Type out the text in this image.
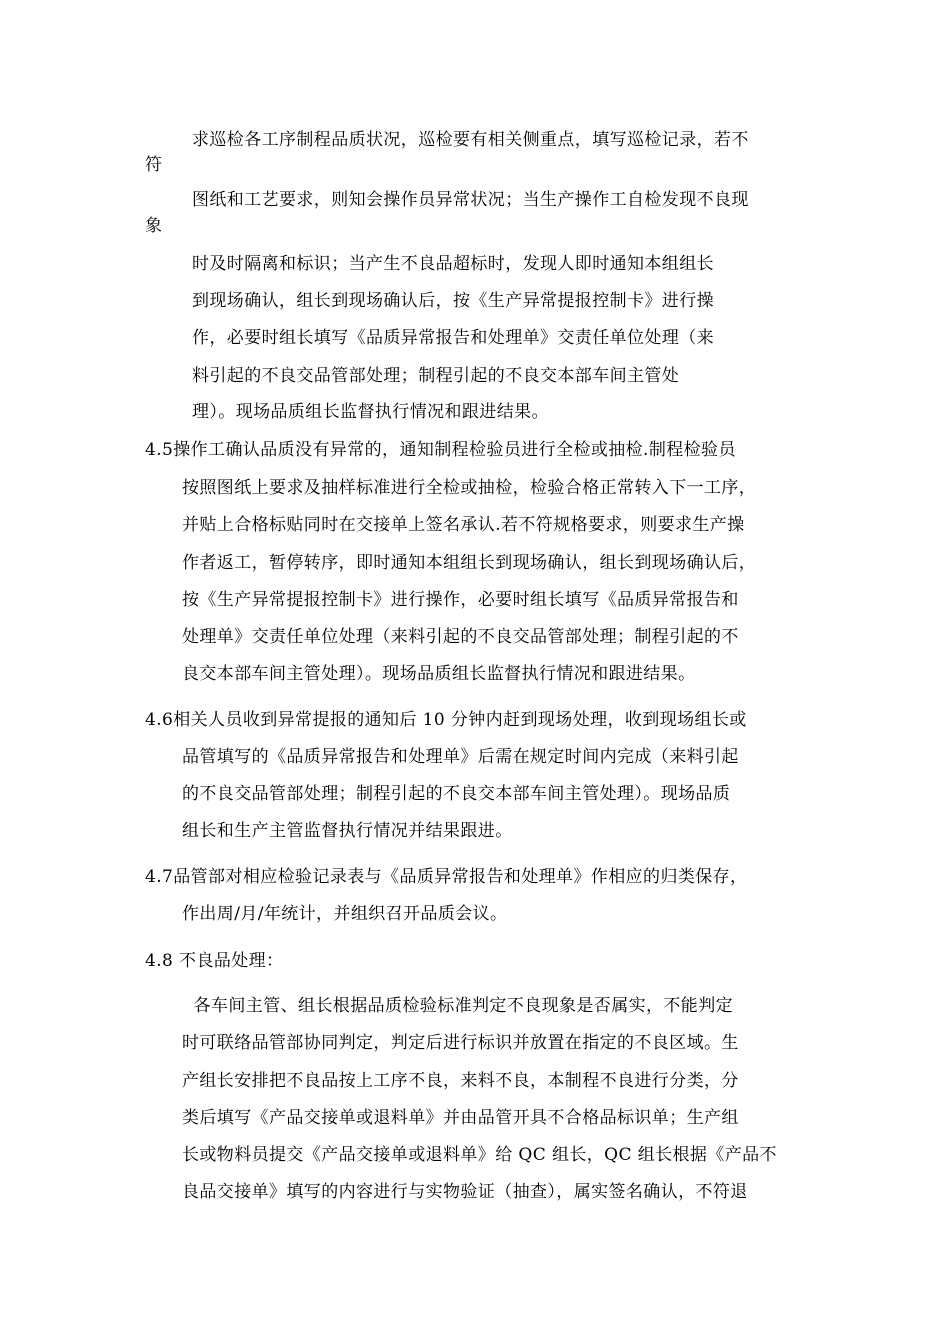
求巡检各工序制程品质状况，巡检要有相关侧重点，填写巡检记录，若不

符

图纸和工艺要求，则知会操作员异常状况；当生产操作工自检发现不良现

象

时及时隔离和标识；当产生不良品超标时，发现人即时通知本组组长

到现场确认，组长到现场确认后，按《生产异常提报控制卡》进行操

作，必要时组长填写《品质异常报告和处理单》交责任单位处理（来

料引起的不良交品管部处理；制程引起的不良交本部车间主管处

理）。现场品质组长监督执行情况和跟进结果。

4.5操作工确认品质没有异常的，通知制程检验员进行全检或抽检.制程检验员

按照图纸上要求及抽样标准进行全检或抽检，检验合格正常转入下一工序，

并贴上合格标贴同时在交接单上签名承认.若不符规格要求，则要求生产操

作者返工，暂停转序，即时通知本组组长到现场确认，组长到现场确认后，

按《生产异常提报控制卡》进行操作，必要时组长填写《品质异常报告和

处理单》交责任单位处理（来料引起的不良交品管部处理；制程引起的不

良交本部车间主管处理）。现场品质组长监督执行情况和跟进结果。

4.6相关人员收到异常提报的通知后 10 分钟内赶到现场处理，收到现场组长或

品管填写的《品质异常报告和处理单》后需在规定时间内完成（来料引起

的不良交品管部处理；制程引起的不良交本部车间主管处理）。现场品质

组长和生产主管监督执行情况并结果跟进。

4.7品管部对相应检验记录表与《品质异常报告和处理单》作相应的归类保存，

作出周/月/年统计，并组织召开品质会议。

4.8 不良品处理：

各车间主管、组长根据品质检验标准判定不良现象是否属实，不能判定

时可联络品管部协同判定，判定后进行标识并放置在指定的不良区域。生

产组长安排把不良品按上工序不良，来料不良，本制程不良进行分类，分

类后填写《产品交接单或退料单》并由品管开具不合格品标识单；生产组

长或物料员提交《产品交接单或退料单》给 QC 组长，QC 组长根据《产品不

良品交接单》填写的内容进行与实物验证（抽查），属实签名确认，不符退
